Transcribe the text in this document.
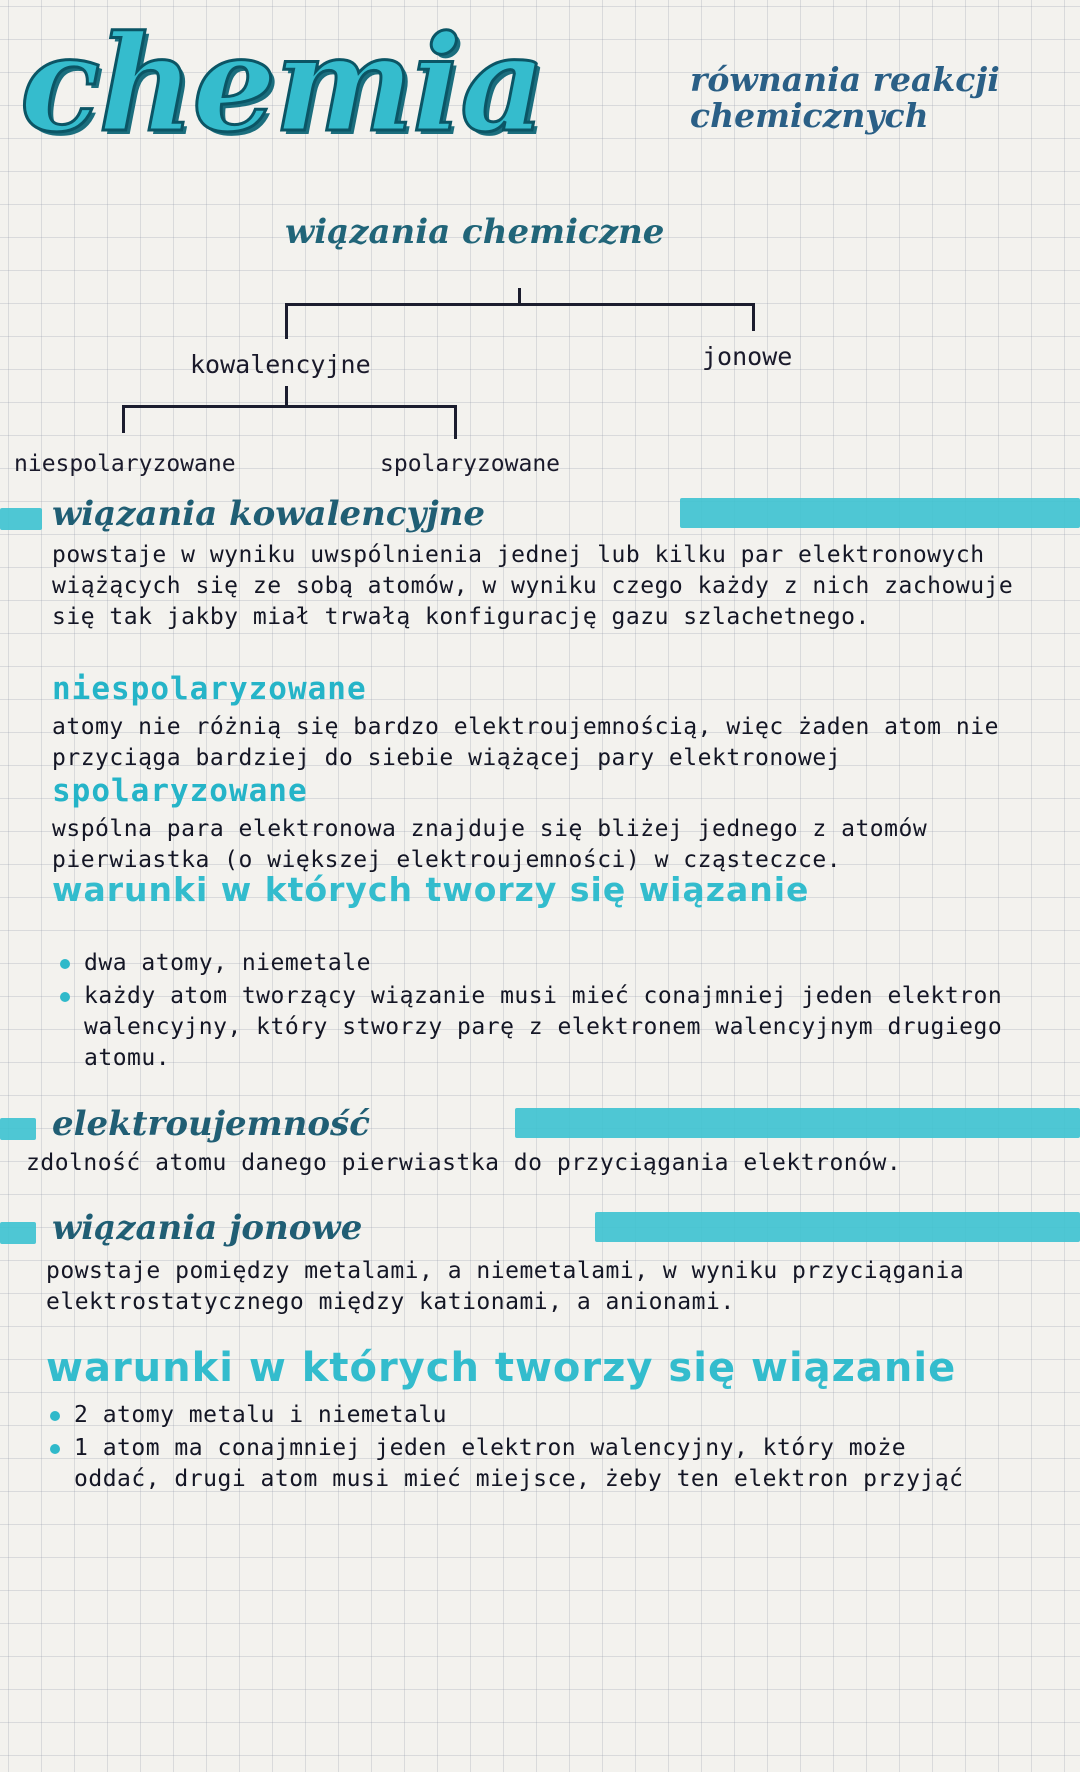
chemia	równania reakcji chemicznych
wiązania chemiczne
kowalencyjne	jonowe
niespolaryzowane	spolaryzowane
wiązania kowalencyjne
powstaje w wyniku uwspólnienia jednej lub kilku par elektronowych wiążących się ze sobą atomów, w wyniku czego każdy z nich zachowuje się tak jakby miał trwałą konfigurację gazu szlachetnego.
niespolaryzowane
atomy nie różnią się bardzo elektroujemnością, więc żaden atom nie przyciąga bardziej do siebie wiążącej pary elektronowej
spolaryzowane
wspólna para elektronowa znajduje się bliżej jednego z atomów pierwiastka (o większej elektroujemności) w cząsteczce.
warunki w których tworzy się wiązanie
dwa atomy, niemetale
każdy atom tworzący wiązanie musi mieć conajmniej jeden elektron walencyjny, który stworzy parę z elektronem walencyjnym drugiego atomu.
elektroujemność
zdolność atomu danego pierwiastka do przyciągania elektronów.
wiązania jonowe
powstaje pomiędzy metalami, a niemetalami, w wyniku przyciągania elektrostatycznego między kationami, a anionami.
warunki w których tworzy się wiązanie
2 atomy metalu i niemetalu
1 atom ma conajmniej jeden elektron walencyjny, który może oddać, drugi atom musi mieć miejsce, żeby ten elektron przyjąć
